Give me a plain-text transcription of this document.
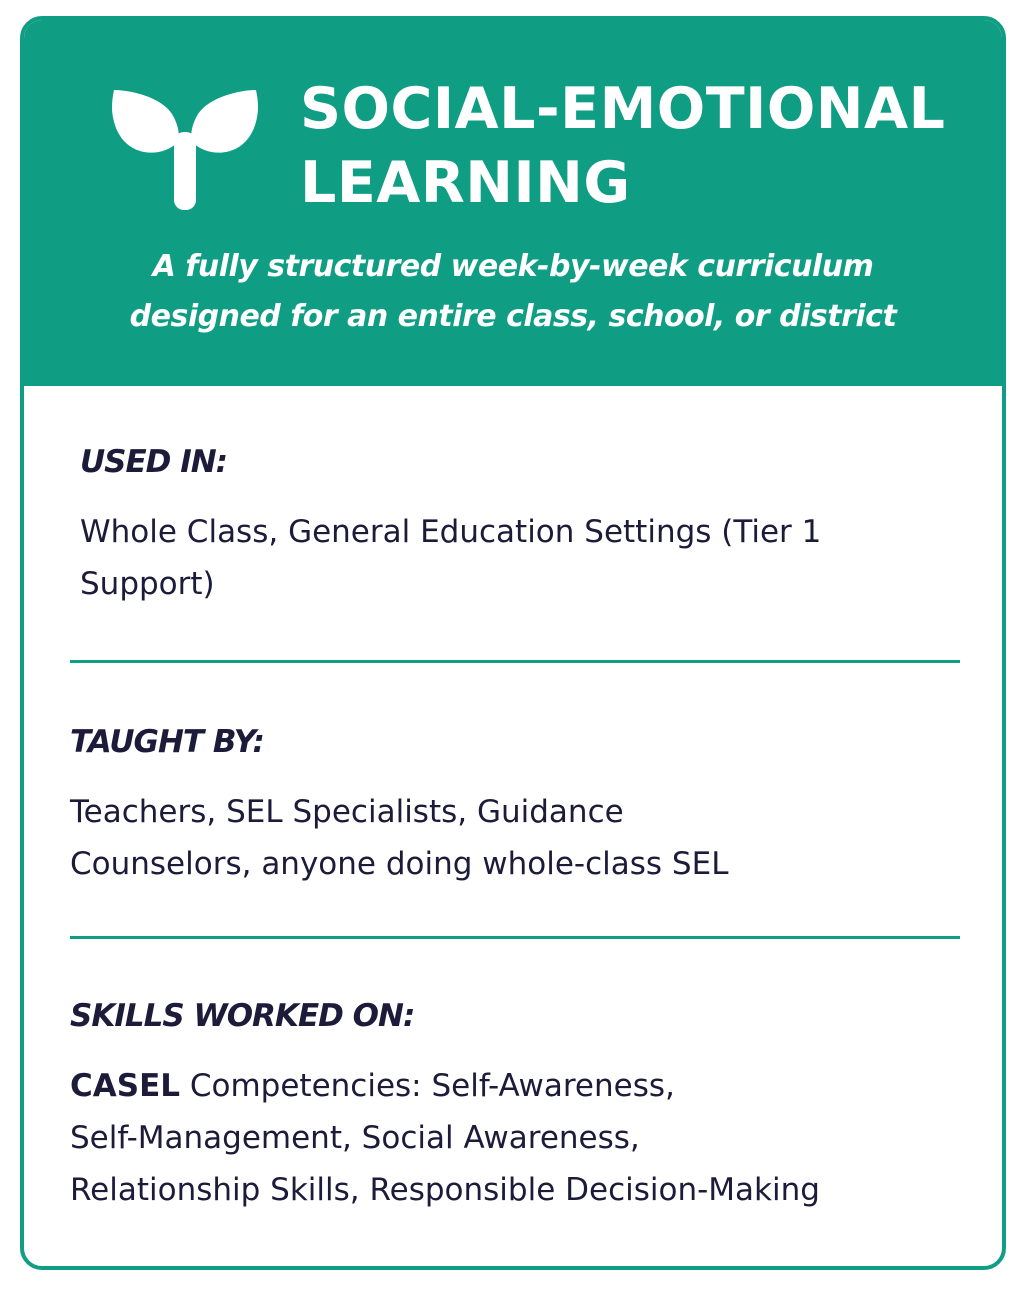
SOCIAL-EMOTIONAL
LEARNING
A fully structured week-by-week curriculum
designed for an entire class, school, or district

USED IN:

Whole Class, General Education Settings (Tier 1
Support)

TAUGHT BY:

Teachers, SEL Specialists, Guidance
Counselors, anyone doing whole-class SEL

SKILLS WORKED ON:

CASEL Competencies: Self-Awareness,
Self-Management, Social Awareness,
Relationship Skills, Responsible Decision-Making
